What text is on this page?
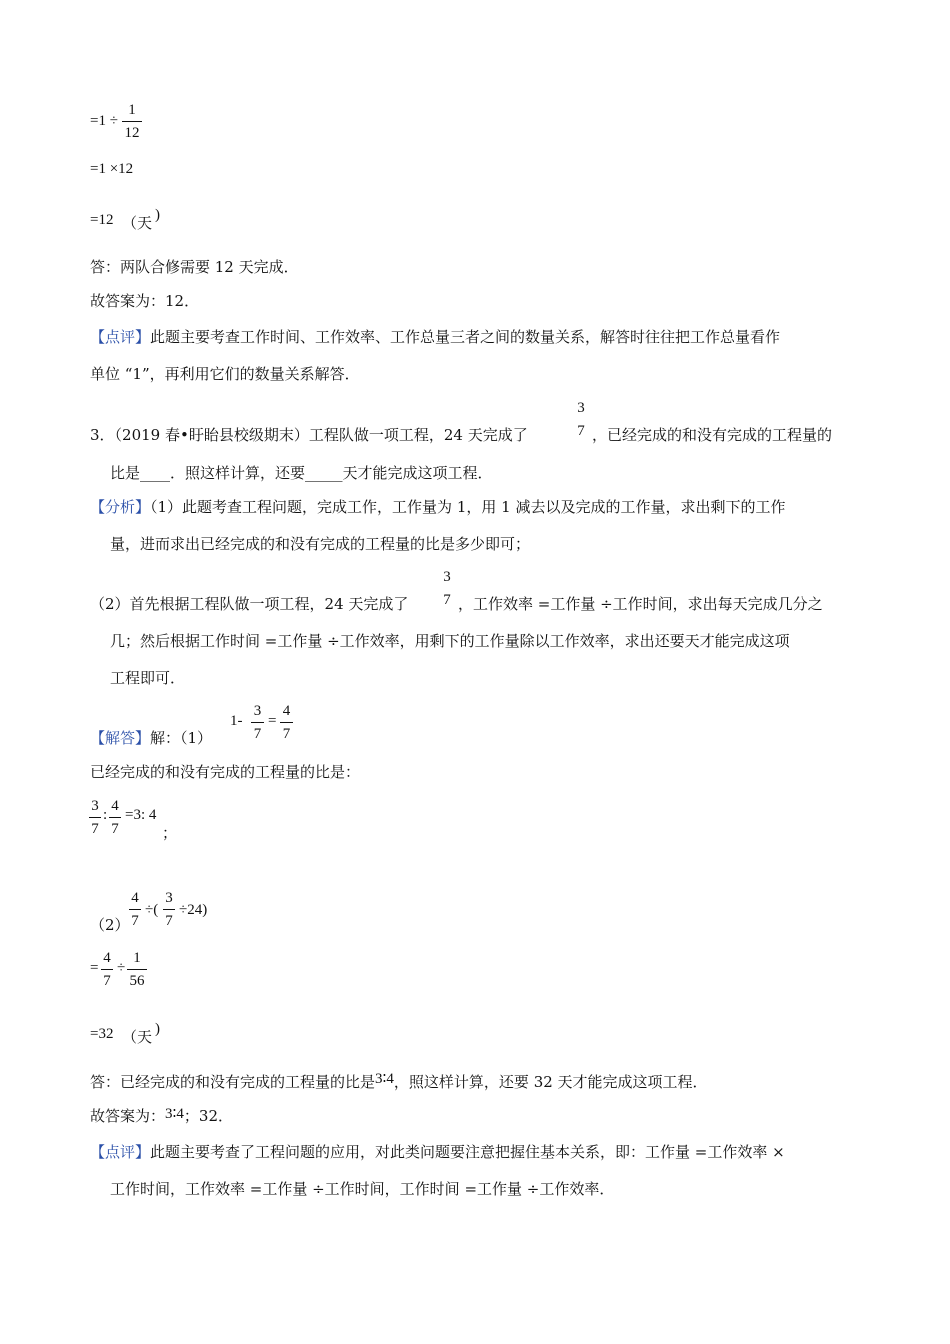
=1 ÷
1
12
=1 ×12
=12 （天 )
答：两队合修需要 12 天完成．
故答案为：12．
【点评】此题主要考查工作时间、工作效率、工作总量三者之间的数量关系，解答时往往把工作总量看作
单位 “1”，再利用它们的数量关系解答．
3．（2019 春•盱眙县校级期末）工程队做一项工程，24 天完成了
3
7 ，已经完成的和没有完成的工程量的
比是____．照这样计算，还要_____天才能完成这项工程．
【分析】（1）此题考查工程问题，完成工作，工作量为 1，用 1 减去以及完成的工作量，求出剩下的工作
量，进而求出已经完成的和没有完成的工程量的比是多少即可；
（2）首先根据工程队做一项工程，24 天完成了
3
7 ，工作效率 =工作量 ÷工作时间，求出每天完成几分之
几；然后根据工作时间 =工作量 ÷工作效率，用剩下的工作量除以工作效率，求出还要天才能完成这项
工程即可．
【解答】解：（1）
1-
3
7
=
4
7
已经完成的和没有完成的工程量的比是：
3
7
:
4
7
=3: 4
；
（2）
4
7
÷(
3
7
÷24)
=
4
7
÷
1
56
=32 （天 )
答：已经完成的和没有完成的工程量的比是3∶4，照这样计算，还要 32 天才能完成这项工程．
故答案为：3∶4；32．
【点评】此题主要考查了工程问题的应用，对此类问题要注意把握住基本关系，即：工作量 =工作效率 ×
工作时间，工作效率 =工作量 ÷工作时间，工作时间 =工作量 ÷工作效率．
